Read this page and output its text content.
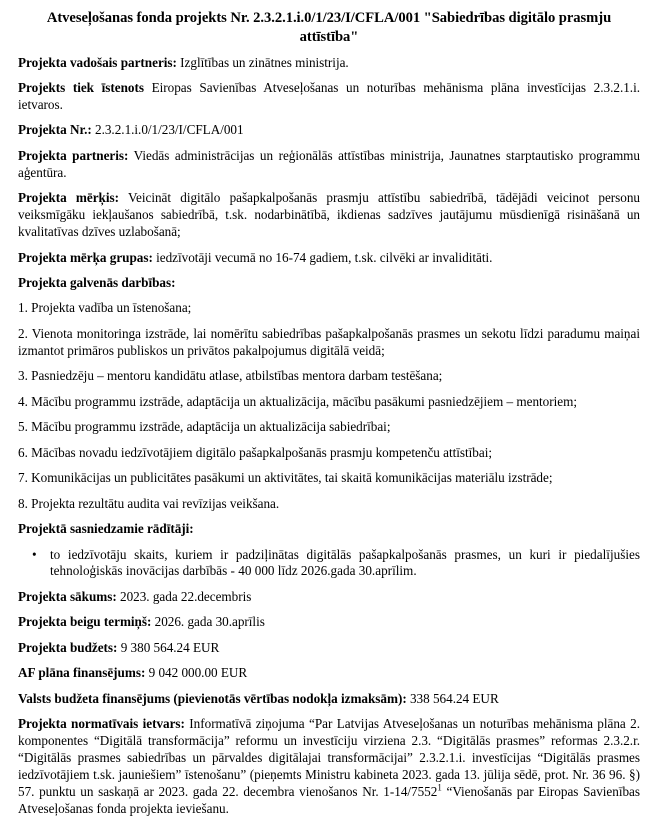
Atveseļošanas fonda projekts Nr. 2.3.2.1.i.0/1/23/I/CFLA/001 "Sabiedrības digitālo prasmju attīstība"

Projekta vadošais partneris: Izglītības un zinātnes ministrija.

Projekts tiek īstenots Eiropas Savienības Atveseļošanas un noturības mehānisma plāna investīcijas 2.3.2.1.i. ietvaros.

Projekta Nr.: 2.3.2.1.i.0/1/23/I/CFLA/001

Projekta partneris: Viedās administrācijas un reģionālās attīstības ministrija, Jaunatnes starptautisko programmu aģentūra.

Projekta mērķis: Veicināt digitālo pašapkalpošanās prasmju attīstību sabiedrībā, tādējādi veicinot personu veiksmīgāku iekļaušanos sabiedrībā, t.sk. nodarbinātībā, ikdienas sadzīves jautājumu mūsdienīgā risināšanā un kvalitatīvas dzīves uzlabošanā;

Projekta mērķa grupas: iedzīvotāji vecumā no 16-74 gadiem, t.sk. cilvēki ar invaliditāti.

Projekta galvenās darbības:

1. Projekta vadība un īstenošana;

2. Vienota monitoringa izstrāde, lai nomērītu sabiedrības pašapkalpošanās prasmes un sekotu līdzi paradumu maiņai izmantot primāros publiskos un privātos pakalpojumus digitālā veidā;

3. Pasniedzēju – mentoru kandidātu atlase, atbilstības mentora darbam testēšana;

4. Mācību programmu izstrāde, adaptācija un aktualizācija, mācību pasākumi pasniedzējiem – mentoriem;

5. Mācību programmu izstrāde, adaptācija un aktualizācija sabiedrībai;

6. Mācības novadu iedzīvotājiem digitālo pašapkalpošanās prasmju kompetenču attīstībai;

7. Komunikācijas un publicitātes pasākumi un aktivitātes, tai skaitā komunikācijas materiālu izstrāde;

8. Projekta rezultātu audita vai revīzijas veikšana.

Projektā sasniedzamie rādītāji:

• to iedzīvotāju skaits, kuriem ir padziļinātas digitālās pašapkalpošanās prasmes, un kuri ir piedalījušies tehnoloģiskās inovācijas darbībās - 40 000 līdz 2026.gada 30.aprīlim.

Projekta sākums: 2023. gada 22.decembris

Projekta beigu termiņš: 2026. gada 30.aprīlis

Projekta budžets: 9 380 564.24 EUR

AF plāna finansējums: 9 042 000.00 EUR

Valsts budžeta finansējums (pievienotās vērtības nodokļa izmaksām): 338 564.24 EUR

Projekta normatīvais ietvars: Informatīvā ziņojuma “Par Latvijas Atveseļošanas un noturības mehānisma plāna 2. komponentes “Digitālā transformācija” reformu un investīciju virziena 2.3. “Digitālās prasmes” reformas 2.3.2.r. “Digitālās prasmes sabiedrības un pārvaldes digitālajai transformācijai” 2.3.2.1.i. investīcijas “Digitālās prasmes iedzīvotājiem t.sk. jauniešiem” īstenošanu” (pieņemts Ministru kabineta 2023. gada 13. jūlija sēdē, prot. Nr. 36 96. §) 57. punktu un saskaņā ar 2023. gada 22. decembra vienošanos Nr. 1-14/7552$^1$ “Vienošanās par Eiropas Savienības Atveseļošanas fonda projekta ieviešanu.
